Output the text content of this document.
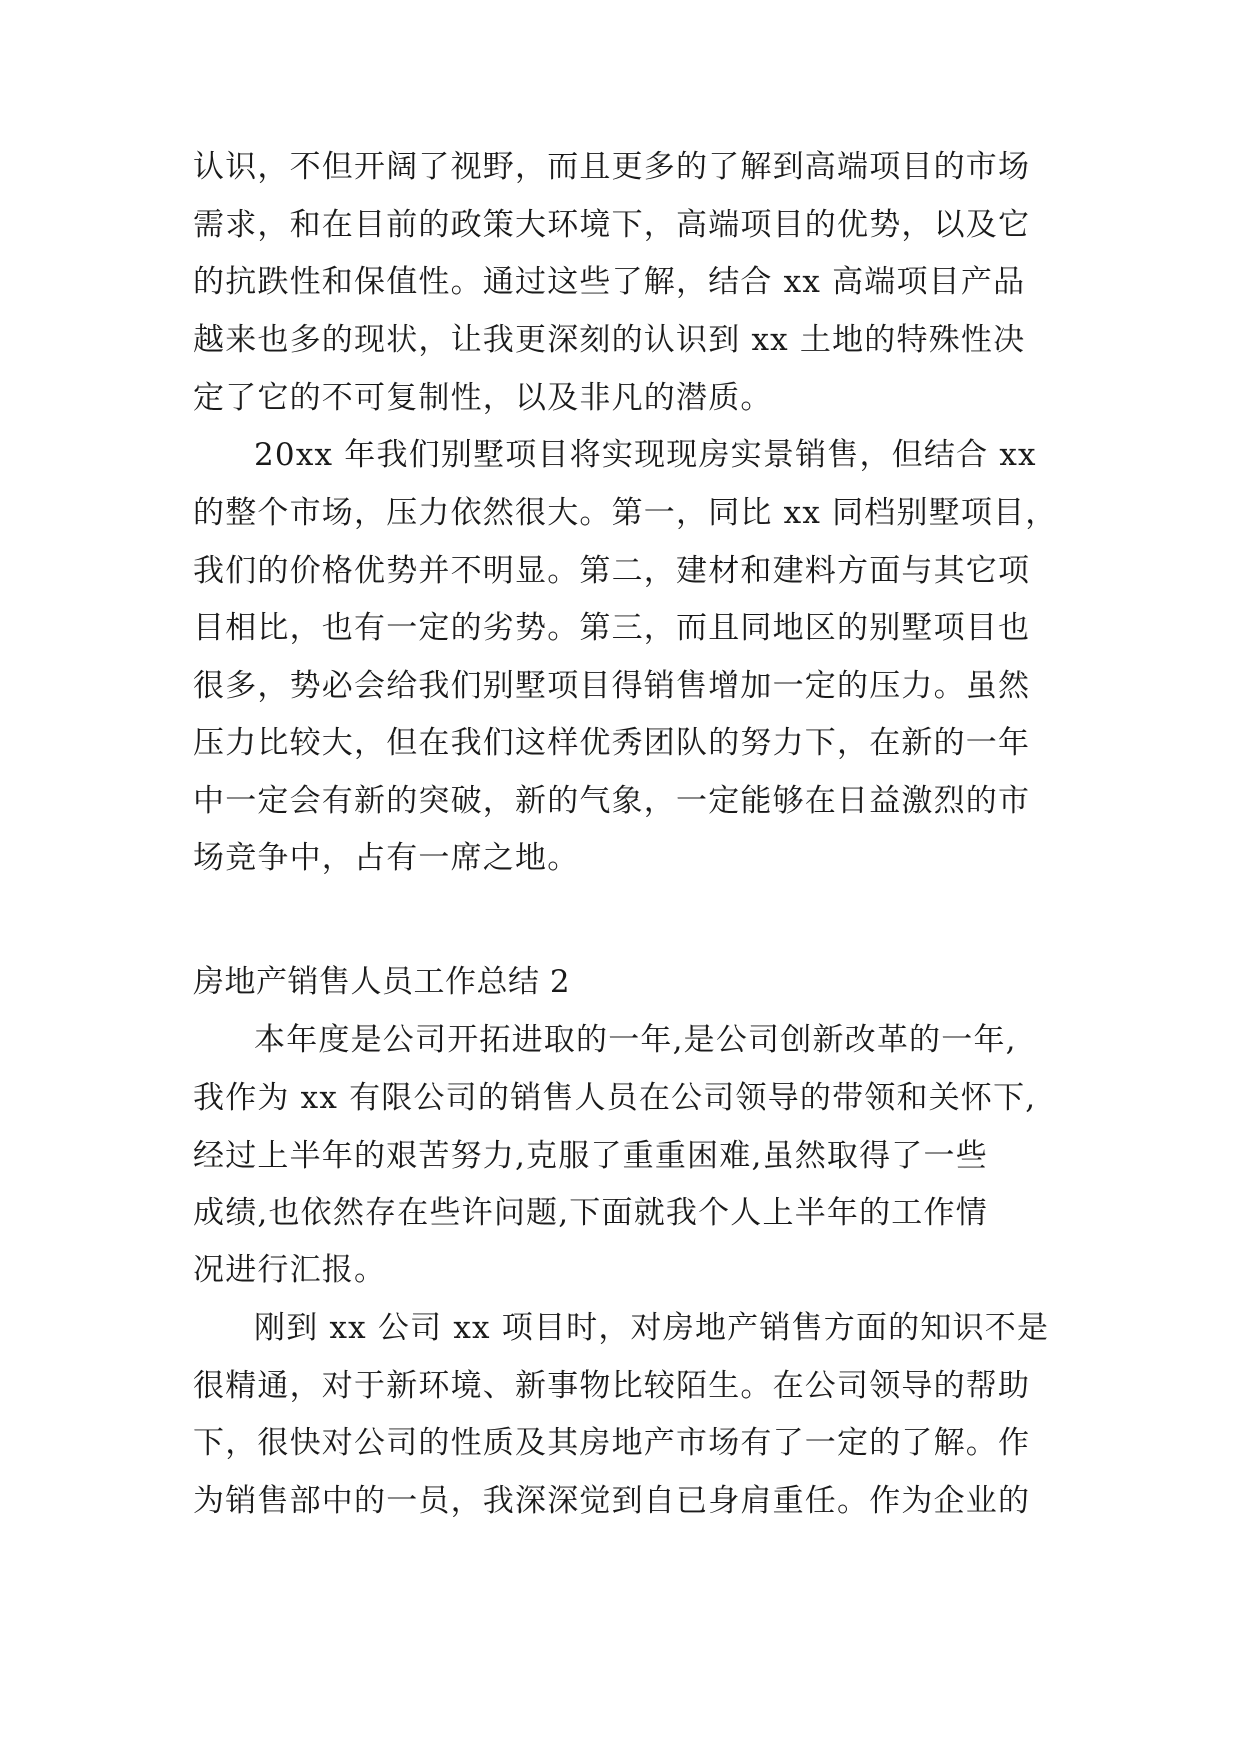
认识，不但开阔了视野，而且更多的了解到高端项目的市场

需求，和在目前的政策大环境下，高端项目的优势，以及它

的抗跌性和保值性。通过这些了解，结合 xx 高端项目产品

越来也多的现状，让我更深刻的认识到 xx 土地的特殊性决

定了它的不可复制性，以及非凡的潜质。

20xx 年我们别墅项目将实现现房实景销售，但结合 xx

的整个市场，压力依然很大。第一，同比 xx 同档别墅项目，

我们的价格优势并不明显。第二，建材和建料方面与其它项

目相比，也有一定的劣势。第三，而且同地区的别墅项目也

很多，势必会给我们别墅项目得销售增加一定的压力。虽然

压力比较大，但在我们这样优秀团队的努力下，在新的一年

中一定会有新的突破，新的气象，一定能够在日益激烈的市

场竞争中，占有一席之地。

房地产销售人员工作总结 2

本年度是公司开拓进取的一年,是公司创新改革的一年,

我作为 xx 有限公司的销售人员在公司领导的带领和关怀下,

经过上半年的艰苦努力,克服了重重困难,虽然取得了一些

成绩,也依然存在些许问题,下面就我个人上半年的工作情

况进行汇报。

刚到 xx 公司 xx 项目时，对房地产销售方面的知识不是

很精通，对于新环境、新事物比较陌生。在公司领导的帮助

下，很快对公司的性质及其房地产市场有了一定的了解。作

为销售部中的一员，我深深觉到自已身肩重任。作为企业的
